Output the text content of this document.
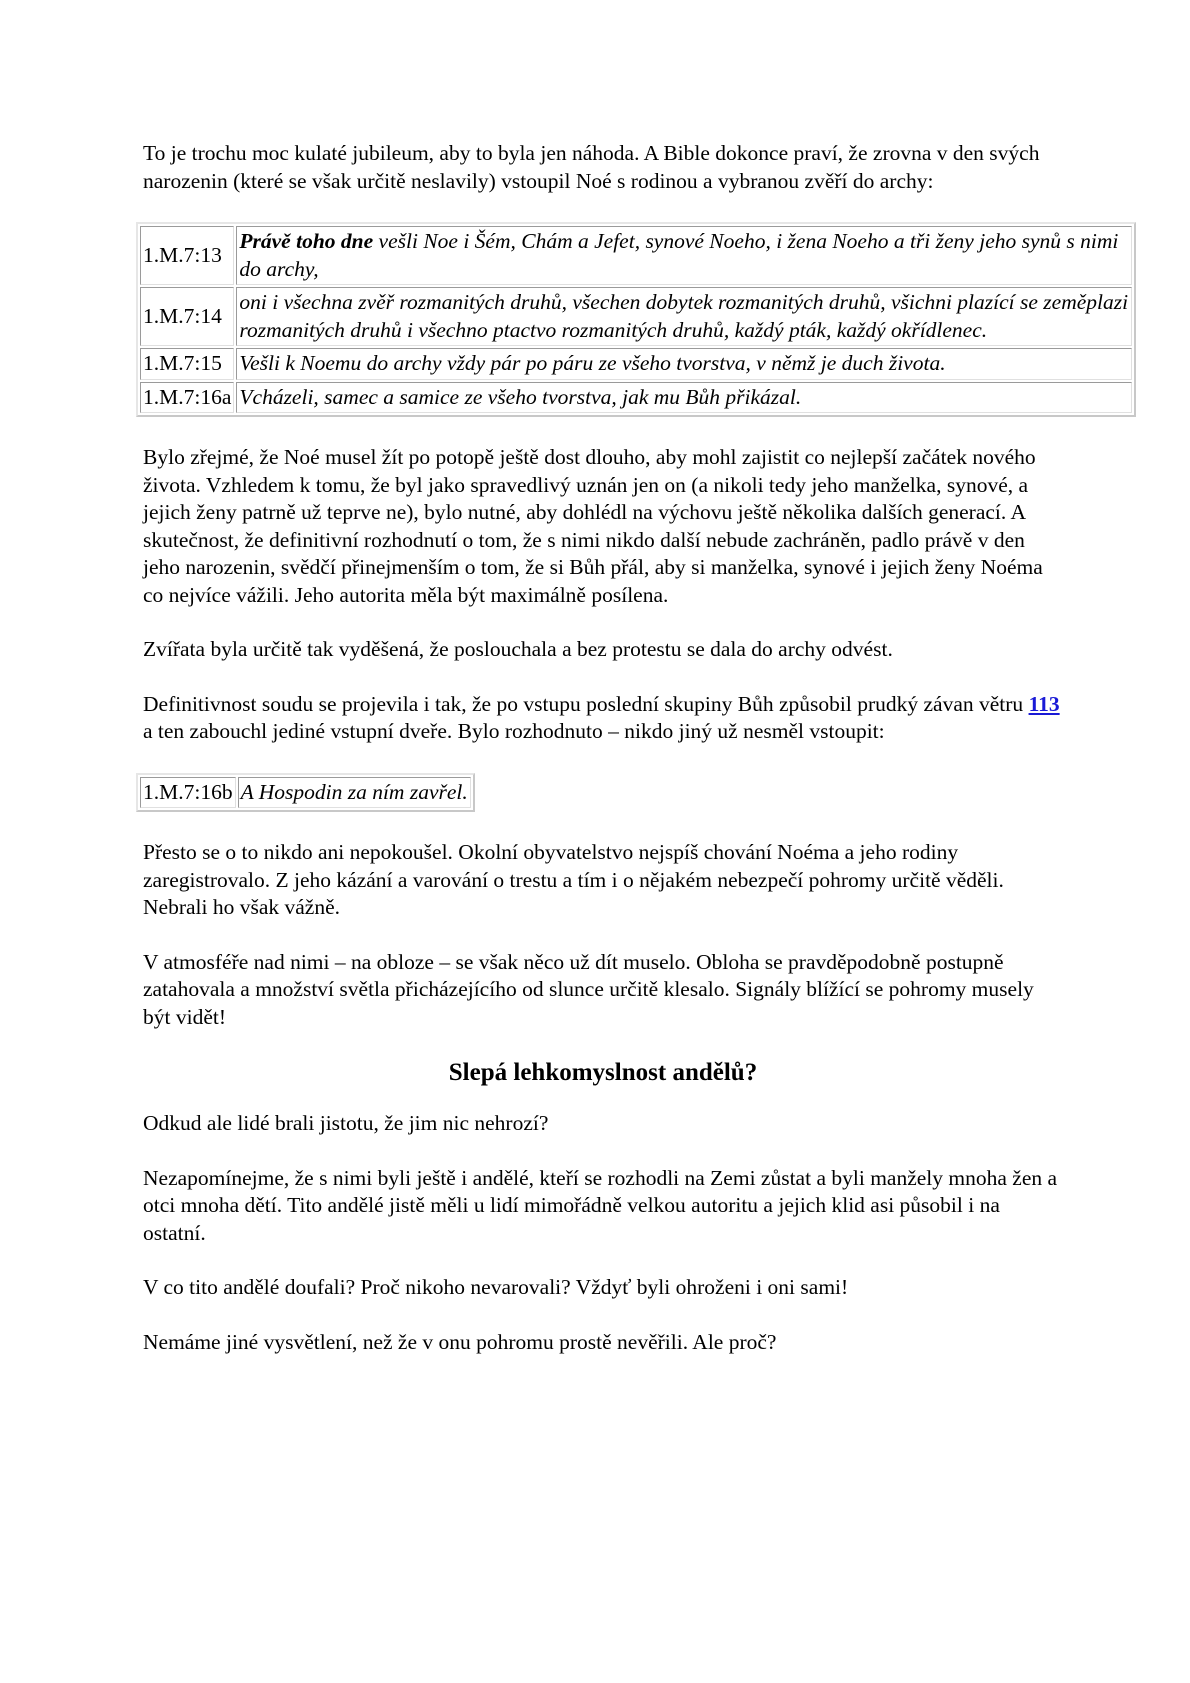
To je trochu moc kulaté jubileum, aby to byla jen náhoda. A Bible dokonce praví, že zrovna v den svých narozenin (které se však určitě neslavily) vstoupil Noé s rodinou a vybranou zvěří do archy:

1.M.7:13	Právě toho dne vešli Noe i Šém, Chám a Jefet, synové Noeho, i žena Noeho a tři ženy jeho synů s nimi do archy,
1.M.7:14	oni i všechna zvěř rozmanitých druhů, všechen dobytek rozmanitých druhů, všichni plazící se zeměplazi rozmanitých druhů i všechno ptactvo rozmanitých druhů, každý pták, každý okřídlenec.
1.M.7:15	Vešli k Noemu do archy vždy pár po páru ze všeho tvorstva, v němž je duch života.
1.M.7:16a	Vcházeli, samec a samice ze všeho tvorstva, jak mu Bůh přikázal.

Bylo zřejmé, že Noé musel žít po potopě ještě dost dlouho, aby mohl zajistit co nejlepší začátek nového života. Vzhledem k tomu, že byl jako spravedlivý uznán jen on (a nikoli tedy jeho manželka, synové, a jejich ženy patrně už teprve ne), bylo nutné, aby dohlédl na výchovu ještě několika dalších generací. A skutečnost, že definitivní rozhodnutí o tom, že s nimi nikdo další nebude zachráněn, padlo právě v den jeho narozenin, svědčí přinejmenším o tom, že si Bůh přál, aby si manželka, synové i jejich ženy Noéma co nejvíce vážili. Jeho autorita měla být maximálně posílena.

Zvířata byla určitě tak vyděšená, že poslouchala a bez protestu se dala do archy odvést.

Definitivnost soudu se projevila i tak, že po vstupu poslední skupiny Bůh způsobil prudký závan větru 113 a ten zabouchl jediné vstupní dveře. Bylo rozhodnuto – nikdo jiný už nesměl vstoupit:

1.M.7:16b	A Hospodin za ním zavřel.

Přesto se o to nikdo ani nepokoušel. Okolní obyvatelstvo nejspíš chování Noéma a jeho rodiny zaregistrovalo. Z jeho kázání a varování o trestu a tím i o nějakém nebezpečí pohromy určitě věděli. Nebrali ho však vážně.

V atmosféře nad nimi – na obloze – se však něco už dít muselo. Obloha se pravděpodobně postupně zatahovala a množství světla přicházejícího od slunce určitě klesalo. Signály blížící se pohromy musely být vidět!

Slepá lehkomyslnost andělů?

Odkud ale lidé brali jistotu, že jim nic nehrozí?

Nezapomínejme, že s nimi byli ještě i andělé, kteří se rozhodli na Zemi zůstat a byli manžely mnoha žen a otci mnoha dětí. Tito andělé jistě měli u lidí mimořádně velkou autoritu a jejich klid asi působil i na ostatní.

V co tito andělé doufali? Proč nikoho nevarovali? Vždyť byli ohroženi i oni sami!

Nemáme jiné vysvětlení, než že v onu pohromu prostě nevěřili. Ale proč?
